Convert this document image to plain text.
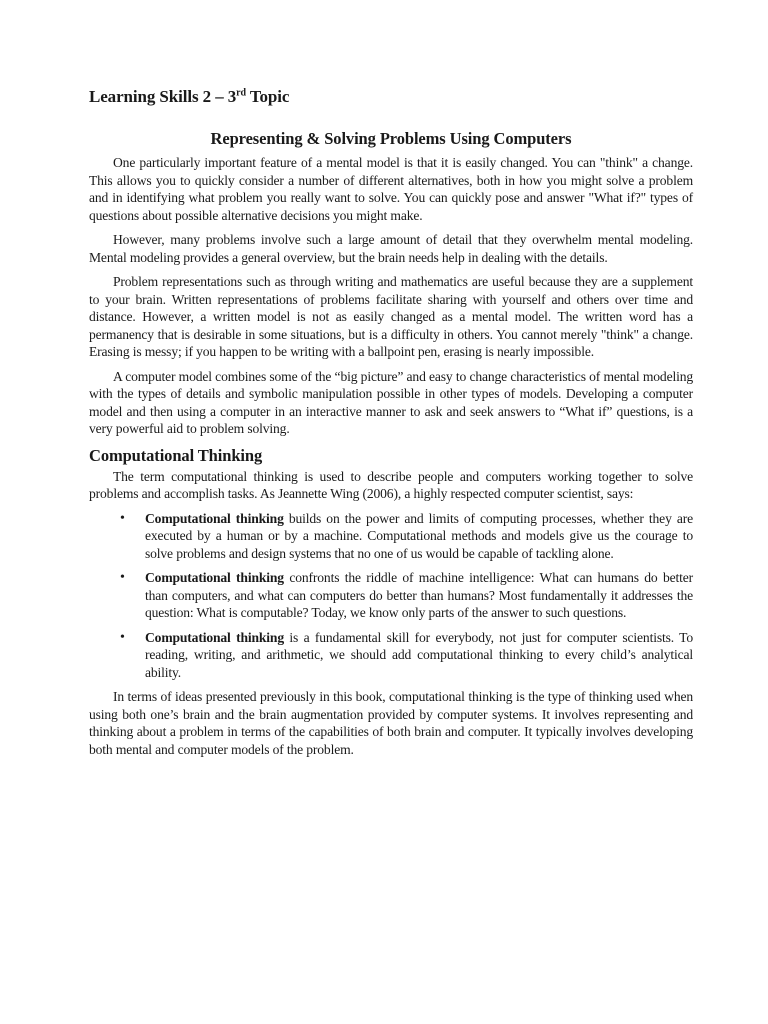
Learning Skills 2 – 3rd Topic
Representing & Solving Problems Using Computers

One particularly important feature of a mental model is that it is easily changed. You can "think" a change. This allows you to quickly consider a number of different alternatives, both in how you might solve a problem and in identifying what problem you really want to solve. You can quickly pose and answer "What if?" types of questions about possible alternative decisions you might make.

However, many problems involve such a large amount of detail that they overwhelm mental modeling. Mental modeling provides a general overview, but the brain needs help in dealing with the details.

Problem representations such as through writing and mathematics are useful because they are a supplement to your brain. Written representations of problems facilitate sharing with yourself and others over time and distance. However, a written model is not as easily changed as a mental model. The written word has a permanency that is desirable in some situations, but is a difficulty in others. You cannot merely "think" a change. Erasing is messy; if you happen to be writing with a ballpoint pen, erasing is nearly impossible.

A computer model combines some of the “big picture” and easy to change characteristics of mental modeling with the types of details and symbolic manipulation possible in other types of models. Developing a computer model and then using a computer in an interactive manner to ask and seek answers to “What if” questions, is a very powerful aid to problem solving.

Computational Thinking

The term computational thinking is used to describe people and computers working together to solve problems and accomplish tasks. As Jeannette Wing (2006), a highly respected computer scientist, says:

• Computational thinking builds on the power and limits of computing processes, whether they are executed by a human or by a machine. Computational methods and models give us the courage to solve problems and design systems that no one of us would be capable of tackling alone.
• Computational thinking confronts the riddle of machine intelligence: What can humans do better than computers, and what can computers do better than humans? Most fundamentally it addresses the question: What is computable? Today, we know only parts of the answer to such questions.
• Computational thinking is a fundamental skill for everybody, not just for computer scientists. To reading, writing, and arithmetic, we should add computational thinking to every child’s analytical ability.

In terms of ideas presented previously in this book, computational thinking is the type of thinking used when using both one’s brain and the brain augmentation provided by computer systems. It involves representing and thinking about a problem in terms of the capabilities of both brain and computer. It typically involves developing both mental and computer models of the problem.
